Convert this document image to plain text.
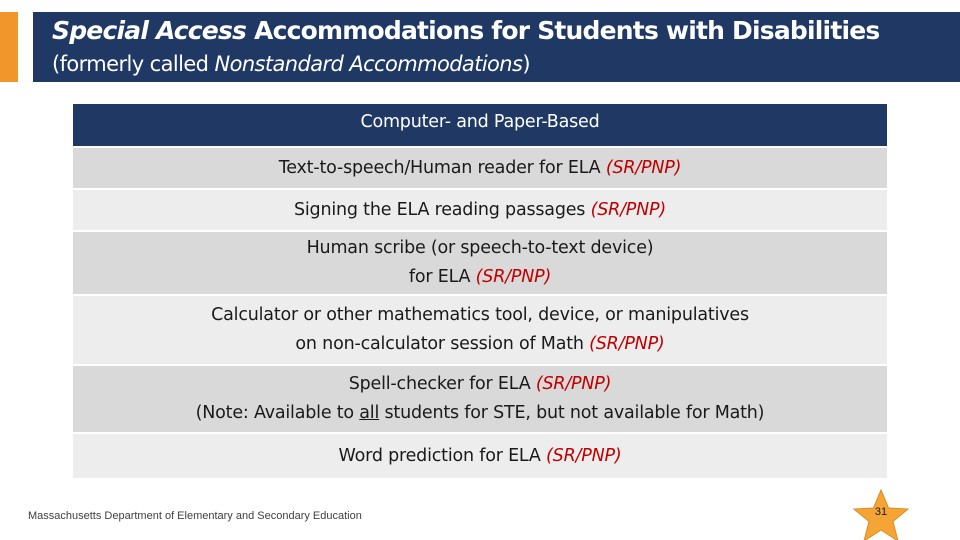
Special Access Accommodations for Students with Disabilities
(formerly called Nonstandard Accommodations)
Computer- and Paper-Based
Text-to-speech/Human reader for ELA (SR/PNP)
Signing the ELA reading passages (SR/PNP)
Human scribe (or speech-to-text device)
for ELA (SR/PNP)
Calculator or other mathematics tool, device, or manipulatives
on non-calculator session of Math (SR/PNP)
Spell-checker for ELA (SR/PNP)
(Note: Available to all students for STE, but not available for Math)
Word prediction for ELA (SR/PNP)
Massachusetts Department of Elementary and Secondary Education	31
